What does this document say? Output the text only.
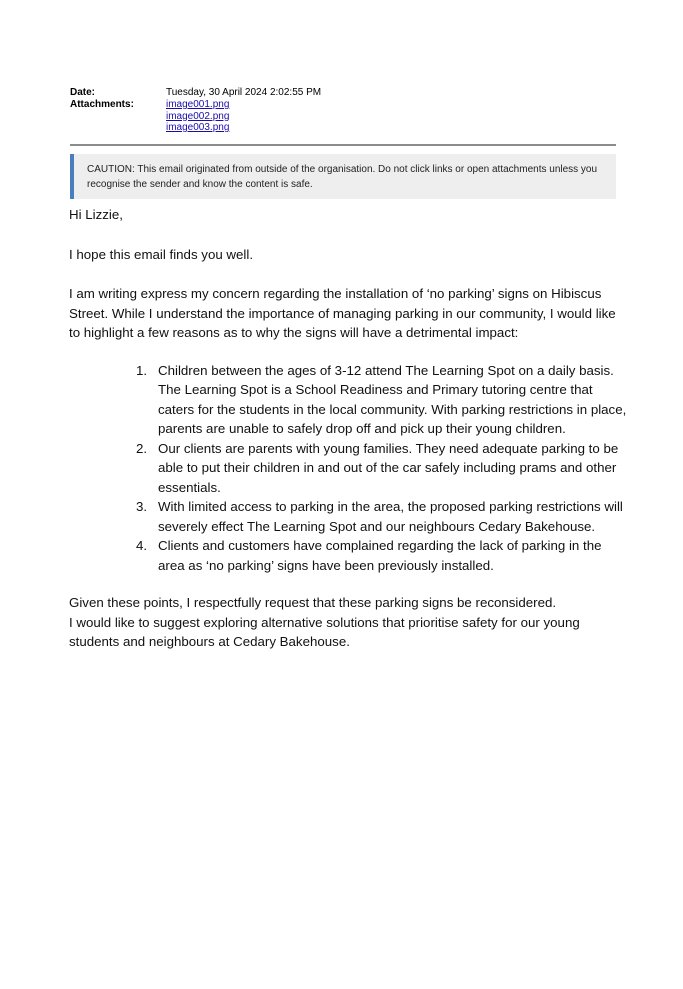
Date:	Tuesday, 30 April 2024 2:02:55 PM
Attachments:	image001.png
image002.png
image003.png
CAUTION: This email originated from outside of the organisation. Do not click links or open attachments unless you recognise the sender and know the content is safe.

Hi Lizzie,

I hope this email finds you well.

I am writing express my concern regarding the installation of ‘no parking’ signs on Hibiscus Street. While I understand the importance of managing parking in our community, I would like to highlight a few reasons as to why the signs will have a detrimental impact:

1. Children between the ages of 3-12 attend The Learning Spot on a daily basis. The Learning Spot is a School Readiness and Primary tutoring centre that caters for the students in the local community. With parking restrictions in place, parents are unable to safely drop off and pick up their young children.
2. Our clients are parents with young families. They need adequate parking to be able to put their children in and out of the car safely including prams and other essentials.
3. With limited access to parking in the area, the proposed parking restrictions will severely effect The Learning Spot and our neighbours Cedary Bakehouse.
4. Clients and customers have complained regarding the lack of parking in the area as ‘no parking’ signs have been previously installed.

Given these points, I respectfully request that these parking signs be reconsidered.

I would like to suggest exploring alternative solutions that prioritise safety for our young students and neighbours at Cedary Bakehouse.
